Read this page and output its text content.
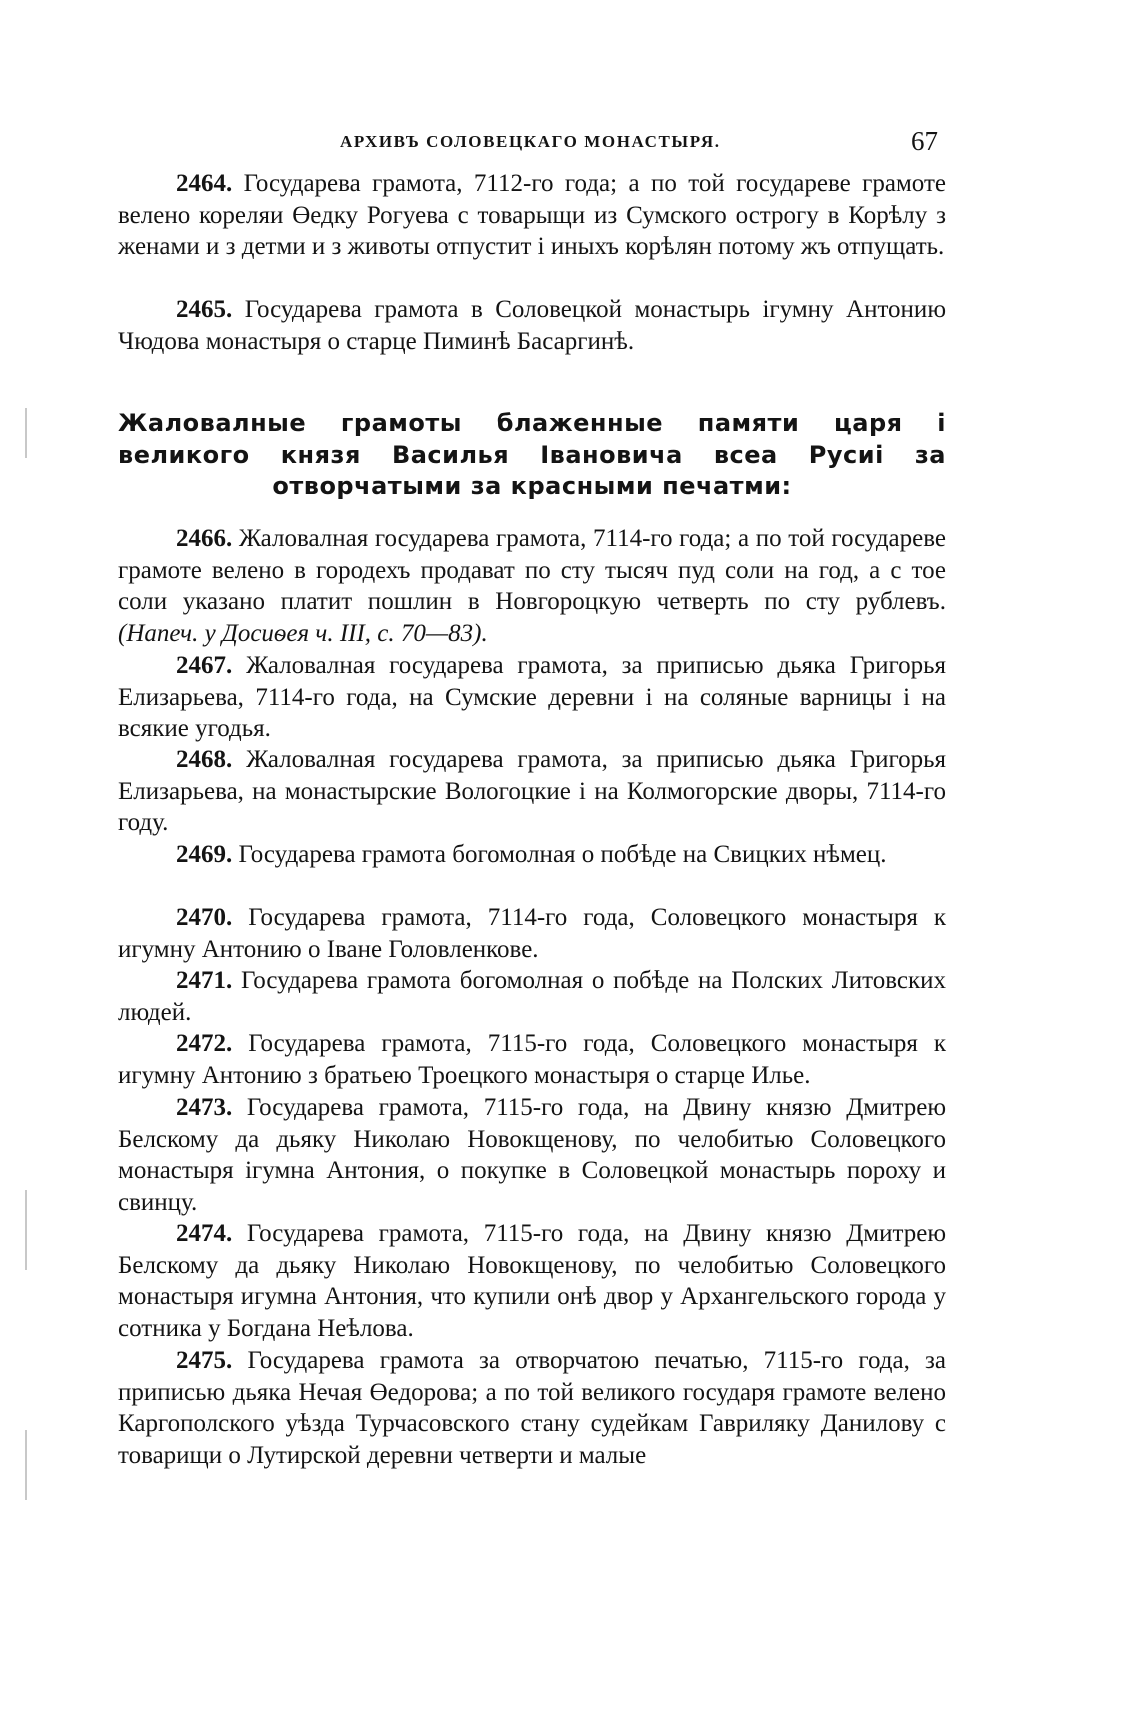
АРХИВЪ СОЛОВЕЦКАГО МОНАСТЫРЯ.	67

2464. Государева грамота, 7112-го года; а по той государеве грамоте велено кореляи Өедку Рогуева с товарыщи из Сумского острогу в Корѣлу з женами и з детми и з животы отпустит і иныхъ корѣлян потому жъ отпущать.

2465. Государева грамота в Соловецкой монастырь ігумну Антонию Чюдова монастыря о старце Пиминѣ Басаргинѣ.

Жаловалные грамоты блаженные памяти царя і великого князя Василья Івановича всеа Русиі за отворчатыми за красными печатми:

2466. Жаловалная государева грамота, 7114-го года; а по той государеве грамоте велено в городехъ продават по сту тысяч пуд соли на год, а с тое соли указано платит пошлин в Новгороцкую четверть по сту рублевъ. (Напеч. у Досиѳея ч. III, с. 70—83).

2467. Жаловалная государева грамота, за приписью дьяка Григорья Елизарьева, 7114-го года, на Сумские деревни і на соляные варницы і на всякие угодья.

2468. Жаловалная государева грамота, за приписью дьяка Григорья Елизарьева, на монастырские Вологоцкие і на Колмогорские дворы, 7114-го году.

2469. Государева грамота богомолная о побѣде на Свицких нѣмец.

2470. Государева грамота, 7114-го года, Соловецкого монастыря к игумну Антонию о Іване Головленкове.

2471. Государева грамота богомолная о побѣде на Полских Литовских людей.

2472. Государева грамота, 7115-го года, Соловецкого монастыря к игумну Антонию з братьею Троецкого монастыря о старце Илье.

2473. Государева грамота, 7115-го года, на Двину князю Дмитрею Белскому да дьяку Николаю Новокщенову, по челобитью Соловецкого монастыря ігумна Антония, о покупке в Соловецкой монастырь пороху и свинцу.

2474. Государева грамота, 7115-го года, на Двину князю Дмитрею Белскому да дьяку Николаю Новокщенову, по челобитью Соловецкого монастыря игумна Антония, что купили онѣ двор у Архангельского города у сотника у Богдана Неѣлова.

2475. Государева грамота за отворчатою печатью, 7115-го года, за приписью дьяка Нечая Өедорова; а по той великого государя грамоте велено Каргополского уѣзда Турчасовского стану судейкам Гавриляку Данилову с товарищи о Лутирской деревни четверти и малые
